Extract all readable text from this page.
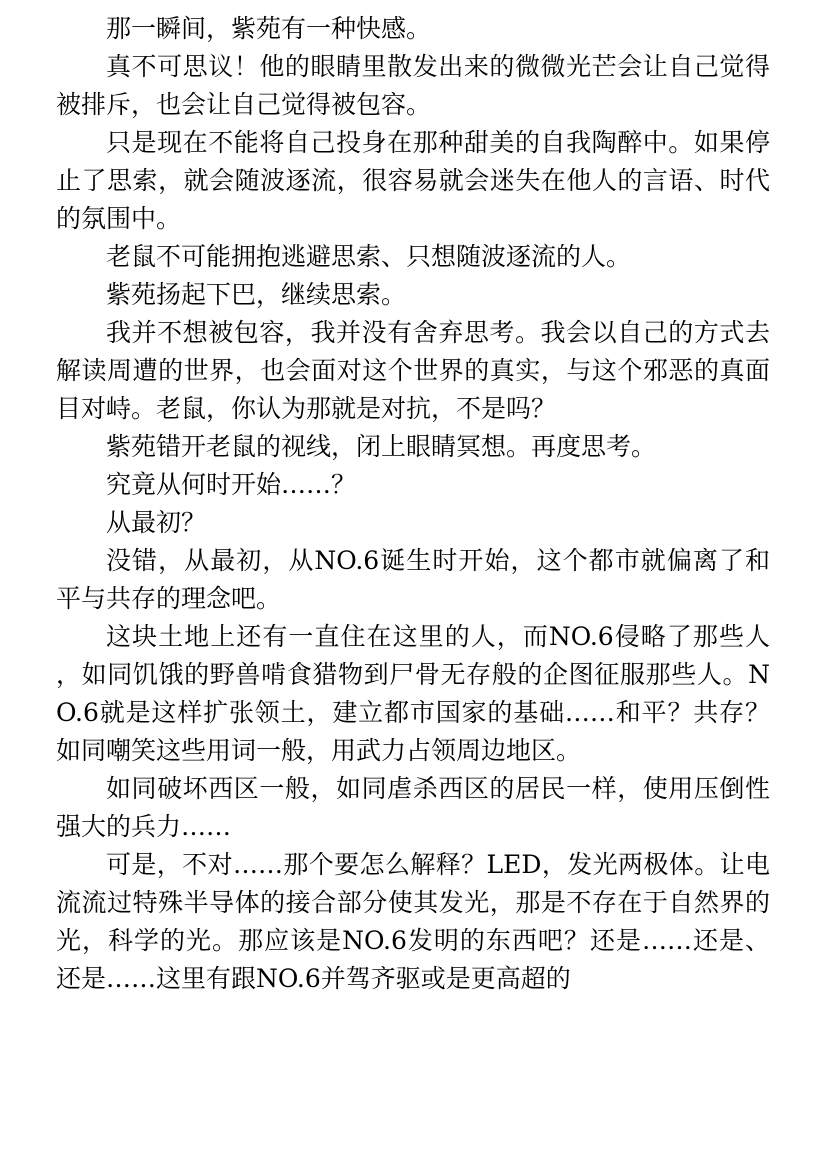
那一瞬间，紫苑有一种快感。

真不可思议！他的眼睛里散发出来的微微光芒会让自己觉得被排斥，也会让自己觉得被包容。

只是现在不能将自己投身在那种甜美的自我陶醉中。如果停止了思索，就会随波逐流，很容易就会迷失在他人的言语、时代的氛围中。

老鼠不可能拥抱逃避思索、只想随波逐流的人。

紫苑扬起下巴，继续思索。

我并不想被包容，我并没有舍弃思考。我会以自己的方式去解读周遭的世界，也会面对这个世界的真实，与这个邪恶的真面目对峙。老鼠，你认为那就是对抗，不是吗？

紫苑错开老鼠的视线，闭上眼睛冥想。再度思考。

究竟从何时开始……？

从最初？

没错，从最初，从NO.6诞生时开始，这个都市就偏离了和平与共存的理念吧。

这块土地上还有一直住在这里的人，而NO.6侵略了那些人，如同饥饿的野兽啃食猎物到尸骨无存般的企图征服那些人。NO.6就是这样扩张领土，建立都市国家的基础……和平？共存？如同嘲笑这些用词一般，用武力占领周边地区。

如同破坏西区一般，如同虐杀西区的居民一样，使用压倒性强大的兵力……

可是，不对……那个要怎么解释？LED，发光两极体。让电流流过特殊半导体的接合部分使其发光，那是不存在于自然界的光，科学的光。那应该是NO.6发明的东西吧？还是……还是、还是……这里有跟NO.6并驾齐驱或是更高超的
